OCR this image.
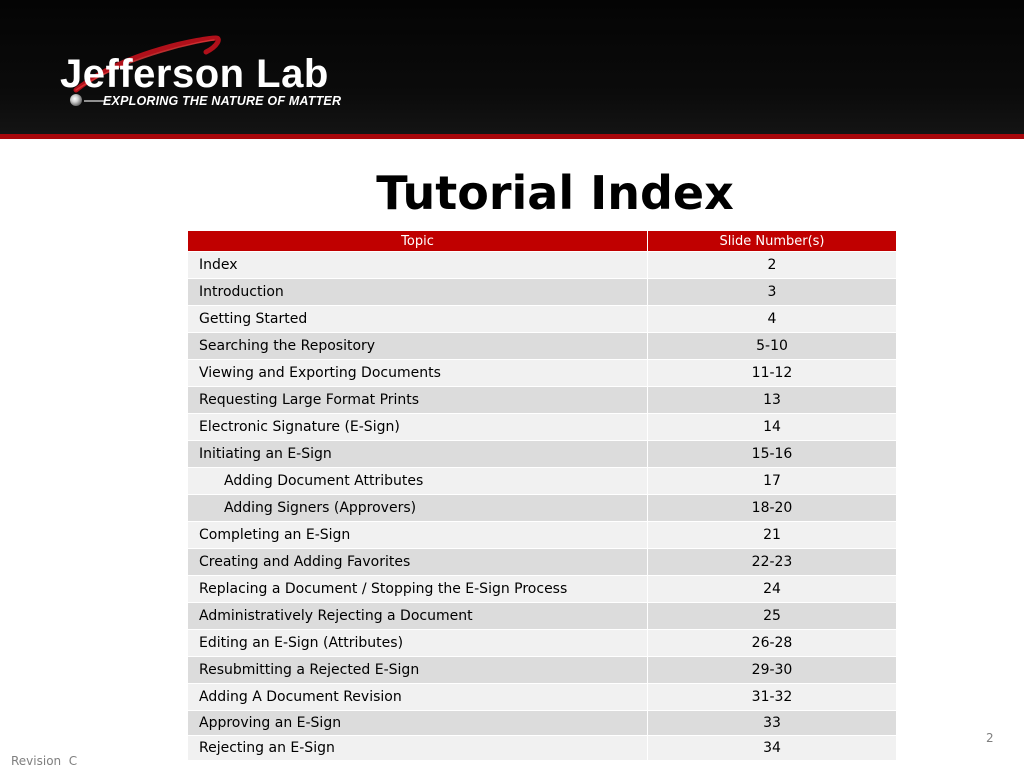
Jefferson Lab
EXPLORING THE NATURE OF MATTER
Tutorial Index
Topic	Slide Number(s)
Index	2
Introduction	3
Getting Started	4
Searching the Repository	5-10
Viewing and Exporting Documents	11-12
Requesting Large Format Prints	13
Electronic Signature (E-Sign)	14
Initiating an E-Sign	15-16
Adding Document Attributes	17
Adding Signers (Approvers)	18-20
Completing an E-Sign	21
Creating and Adding Favorites	22-23
Replacing a Document / Stopping the E-Sign Process	24
Administratively Rejecting a Document	25
Editing an E-Sign (Attributes)	26-28
Resubmitting a Rejected E-Sign	29-30
Adding A Document Revision	31-32
Approving an E-Sign	33
Rejecting an E-Sign	34
2
Revision  C
